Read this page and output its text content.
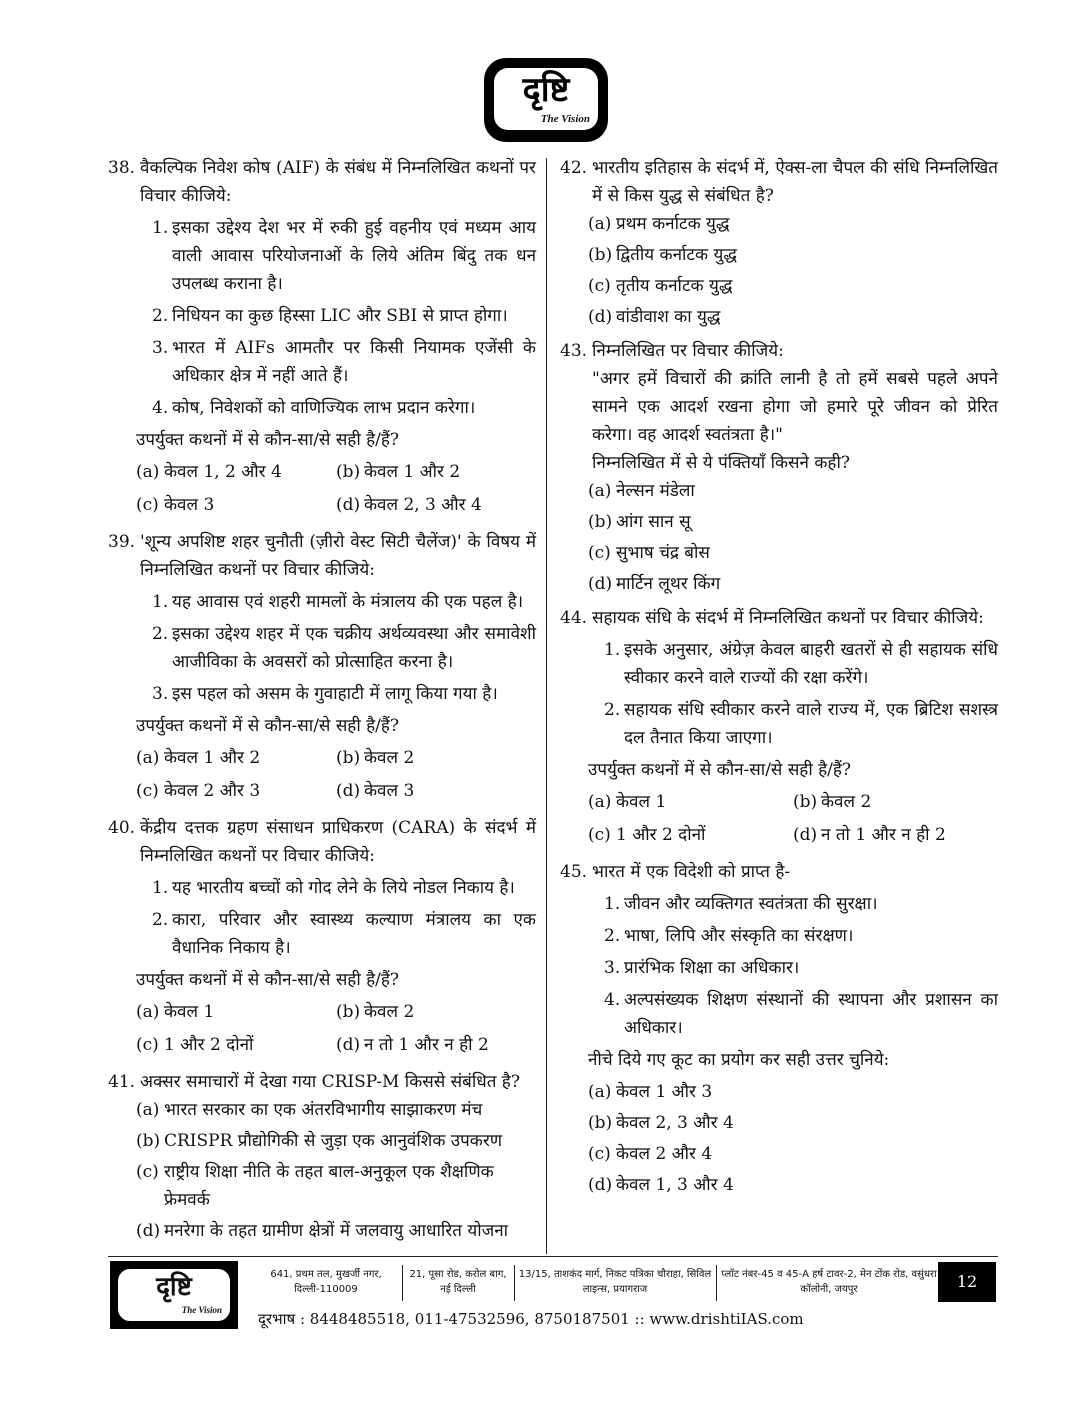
दृष्टि
The Vision
38. वैकल्पिक निवेश कोष (AIF) के संबंध में निम्नलिखित कथनों पर विचार कीजिये:
1. इसका उद्देश्य देश भर में रुकी हुई वहनीय एवं मध्यम आय वाली आवास परियोजनाओं के लिये अंतिम बिंदु तक धन उपलब्ध कराना है।
2. निधियन का कुछ हिस्सा LIC और SBI से प्राप्त होगा।
3. भारत में AIFs आमतौर पर किसी नियामक एजेंसी के अधिकार क्षेत्र में नहीं आते हैं।
4. कोष, निवेशकों को वाणिज्यिक लाभ प्रदान करेगा।
उपर्युक्त कथनों में से कौन-सा/से सही है/हैं?
(a) केवल 1, 2 और 4	(b) केवल 1 और 2
(c) केवल 3	(d) केवल 2, 3 और 4
39. 'शून्य अपशिष्ट शहर चुनौती (ज़ीरो वेस्ट सिटी चैलेंज)' के विषय में निम्नलिखित कथनों पर विचार कीजिये:
1. यह आवास एवं शहरी मामलों के मंत्रालय की एक पहल है।
2. इसका उद्देश्य शहर में एक चक्रीय अर्थव्यवस्था और समावेशी आजीविका के अवसरों को प्रोत्साहित करना है।
3. इस पहल को असम के गुवाहाटी में लागू किया गया है।
उपर्युक्त कथनों में से कौन-सा/से सही है/हैं?
(a) केवल 1 और 2	(b) केवल 2
(c) केवल 2 और 3	(d) केवल 3
40. केंद्रीय दत्तक ग्रहण संसाधन प्राधिकरण (CARA) के संदर्भ में निम्नलिखित कथनों पर विचार कीजिये:
1. यह भारतीय बच्चों को गोद लेने के लिये नोडल निकाय है।
2. कारा, परिवार और स्वास्थ्य कल्याण मंत्रालय का एक वैधानिक निकाय है।
उपर्युक्त कथनों में से कौन-सा/से सही है/हैं?
(a) केवल 1	(b) केवल 2
(c) 1 और 2 दोनों	(d) न तो 1 और न ही 2
41. अक्सर समाचारों में देखा गया CRISP-M किससे संबंधित है?
(a) भारत सरकार का एक अंतरविभागीय साझाकरण मंच
(b) CRISPR प्रौद्योगिकी से जुड़ा एक आनुवंशिक उपकरण
(c) राष्ट्रीय शिक्षा नीति के तहत बाल-अनुकूल एक शैक्षणिक फ्रेमवर्क
(d) मनरेगा के तहत ग्रामीण क्षेत्रों में जलवायु आधारित योजना
42. भारतीय इतिहास के संदर्भ में, ऐक्स-ला चैपल की संधि निम्नलिखित में से किस युद्ध से संबंधित है?
(a) प्रथम कर्नाटक युद्ध
(b) द्वितीय कर्नाटक युद्ध
(c) तृतीय कर्नाटक युद्ध
(d) वांडीवाश का युद्ध
43. निम्नलिखित पर विचार कीजिये:
"अगर हमें विचारों की क्रांति लानी है तो हमें सबसे पहले अपने सामने एक आदर्श रखना होगा जो हमारे पूरे जीवन को प्रेरित करेगा। वह आदर्श स्वतंत्रता है।"
निम्नलिखित में से ये पंक्तियाँ किसने कही?
(a) नेल्सन मंडेला
(b) आंग सान सू
(c) सुभाष चंद्र बोस
(d) मार्टिन लूथर किंग
44. सहायक संधि के संदर्भ में निम्नलिखित कथनों पर विचार कीजिये:
1. इसके अनुसार, अंग्रेज़ केवल बाहरी खतरों से ही सहायक संधि स्वीकार करने वाले राज्यों की रक्षा करेंगे।
2. सहायक संधि स्वीकार करने वाले राज्य में, एक ब्रिटिश सशस्त्र दल तैनात किया जाएगा।
उपर्युक्त कथनों में से कौन-सा/से सही है/हैं?
(a) केवल 1	(b) केवल 2
(c) 1 और 2 दोनों	(d) न तो 1 और न ही 2
45. भारत में एक विदेशी को प्राप्त है-
1. जीवन और व्यक्तिगत स्वतंत्रता की सुरक्षा।
2. भाषा, लिपि और संस्कृति का संरक्षण।
3. प्रारंभिक शिक्षा का अधिकार।
4. अल्पसंख्यक शिक्षण संस्थानों की स्थापना और प्रशासन का अधिकार।
नीचे दिये गए कूट का प्रयोग कर सही उत्तर चुनिये:
(a) केवल 1 और 3
(b) केवल 2, 3 और 4
(c) केवल 2 और 4
(d) केवल 1, 3 और 4
दृष्टि
The Vision
641, प्रथम तल, मुखर्जी नगर, दिल्ली-110009
21, पूसा रोड, करोल बाग, नई दिल्ली
13/15, ताशकंद मार्ग, निकट पत्रिका चौराहा, सिविल लाइन्स, प्रयागराज
प्लॉट नंबर-45 व 45-A हर्ष टावर-2, मेन टोंक रोड, वसुंधरा कॉलोनी, जयपुर
दूरभाष : 8448485518, 011-47532596, 8750187501 :: www.drishtiIAS.com
12
